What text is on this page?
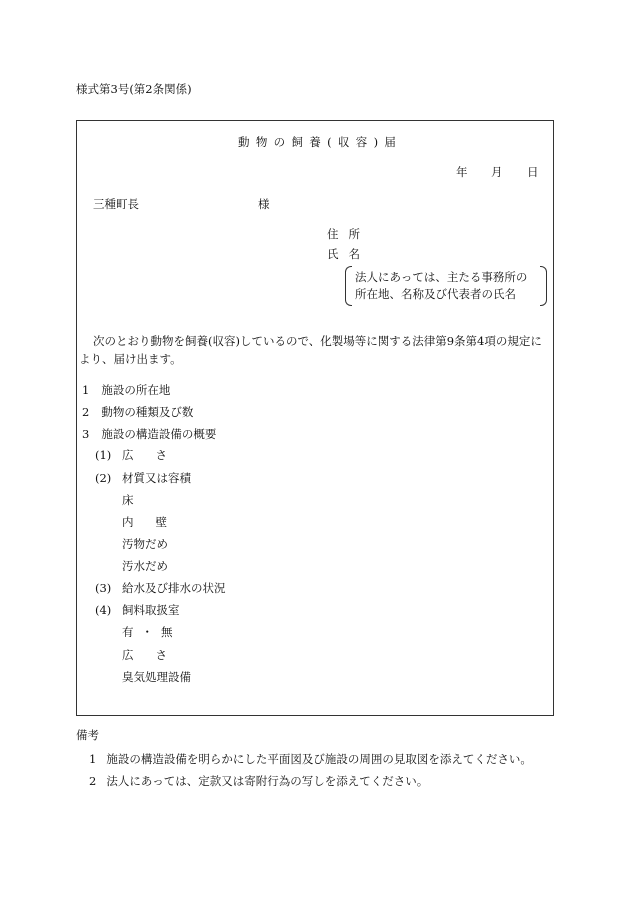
様式第3号(第2条関係)
動物の飼養(収容)届
年 月 日
三種町長	様
住 所
氏 名
法人にあっては、主たる事務所の
所在地、名称及び代表者の氏名
次のとおり動物を飼養(収容)しているので、化製場等に関する法律第9条第4項の規定に
より、届け出ます。
1 施設の所在地
2 動物の種類及び数
3 施設の構造設備の概要
(1) 広 さ
(2) 材質又は容積
床
内 壁
汚物だめ
汚水だめ
(3) 給水及び排水の状況
(4) 飼料取扱室
有 ・ 無
広 さ
臭気処理設備
備考
1 施設の構造設備を明らかにした平面図及び施設の周囲の見取図を添えてください。
2 法人にあっては、定款又は寄附行為の写しを添えてください。
